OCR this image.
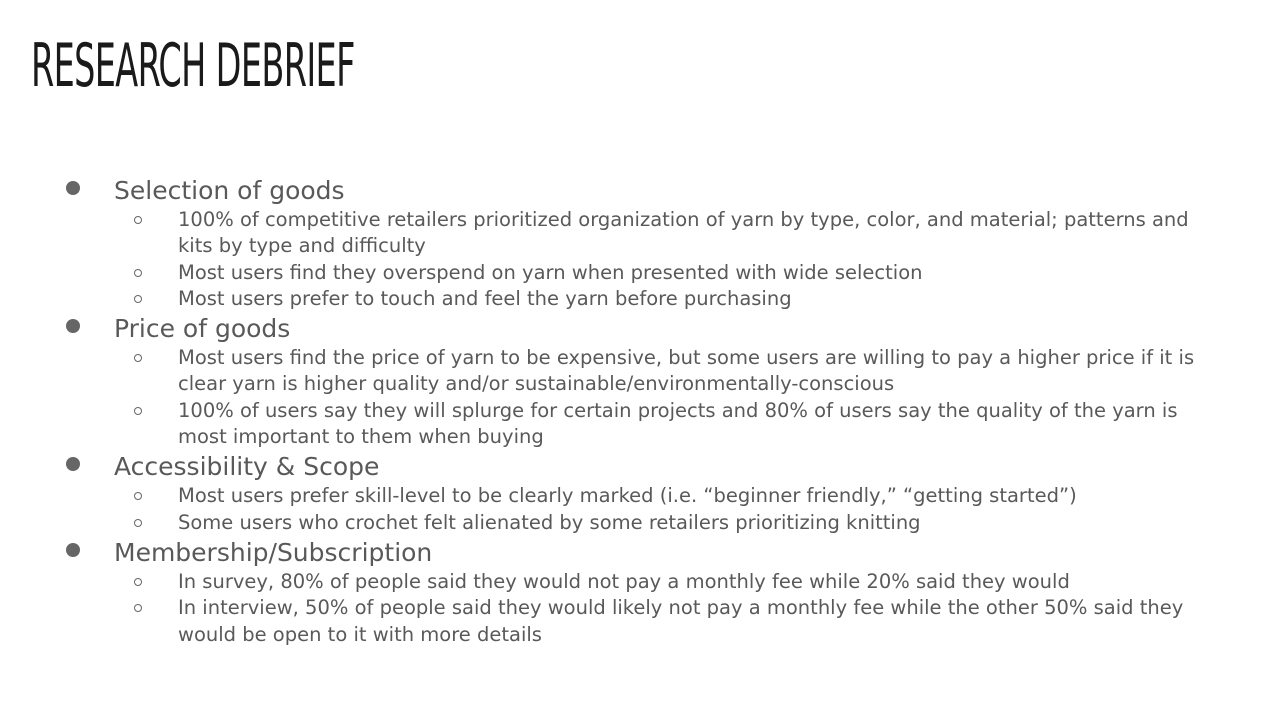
RESEARCH DEBRIEF
Selection of goods
100% of competitive retailers prioritized organization of yarn by type, color, and material; patterns and kits by type and difficulty
Most users find they overspend on yarn when presented with wide selection
Most users prefer to touch and feel the yarn before purchasing
Price of goods
Most users find the price of yarn to be expensive, but some users are willing to pay a higher price if it is clear yarn is higher quality and/or sustainable/environmentally-conscious
100% of users say they will splurge for certain projects and 80% of users say the quality of the yarn is most important to them when buying
Accessibility & Scope
Most users prefer skill-level to be clearly marked (i.e. “beginner friendly,” “getting started”)
Some users who crochet felt alienated by some retailers prioritizing knitting
Membership/Subscription
In survey, 80% of people said they would not pay a monthly fee while 20% said they would
In interview, 50% of people said they would likely not pay a monthly fee while the other 50% said they would be open to it with more details
